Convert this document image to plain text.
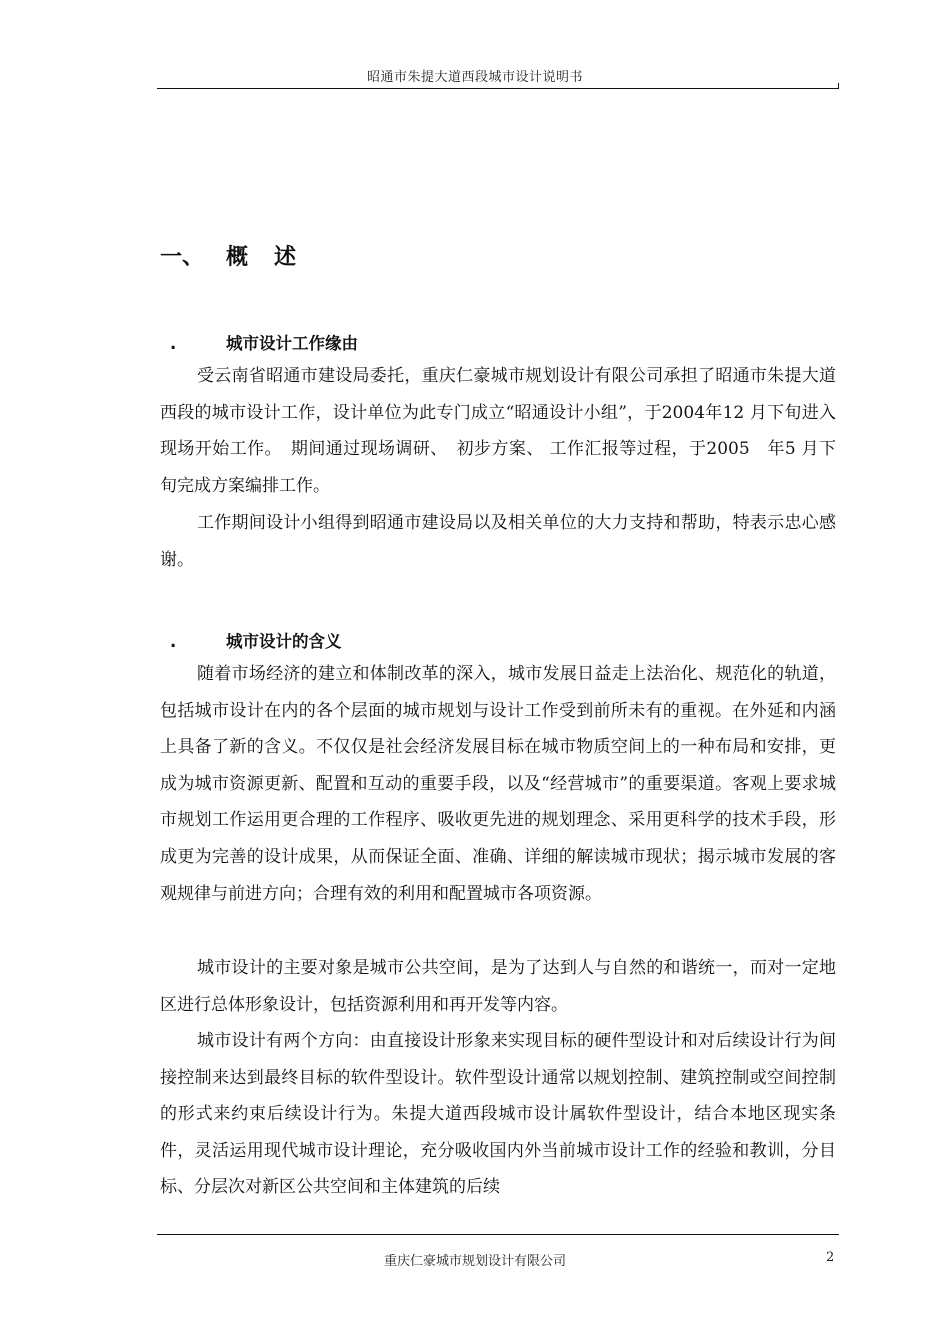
昭通市朱提大道西段城市设计说明书
一、 概述
.	城市设计工作缘由

受云南省昭通市建设局委托，重庆仁豪城市规划设计有限公司承担了昭通市朱提大道西段的城市设计工作，设计单位为此专门成立“昭通设计小组”，于2004年12 月下旬进入现场开始工作。　期间通过现场调研、　初步方案、 工作汇报等过程，于2005　年5 月下旬完成方案编排工作。

工作期间设计小组得到昭通市建设局以及相关单位的大力支持和帮助，特表示忠心感谢。

.	城市设计的含义

随着市场经济的建立和体制改革的深入，城市发展日益走上法治化、规范化的轨道，包括城市设计在内的各个层面的城市规划与设计工作受到前所未有的重视。在外延和内涵上具备了新的含义。不仅仅是社会经济发展目标在城市物质空间上的一种布局和安排，更成为城市资源更新、配置和互动的重要手段，以及“经营城市”的重要渠道。客观上要求城市规划工作运用更合理的工作程序、吸收更先进的规划理念、采用更科学的技术手段，形成更为完善的设计成果，从而保证全面、准确、详细的解读城市现状；揭示城市发展的客观规律与前进方向；合理有效的利用和配置城市各项资源。

城市设计的主要对象是城市公共空间，是为了达到人与自然的和谐统一，而对一定地区进行总体形象设计，包括资源利用和再开发等内容。

城市设计有两个方向：由直接设计形象来实现目标的硬件型设计和对后续设计行为间接控制来达到最终目标的软件型设计。软件型设计通常以规划控制、建筑控制或空间控制的形式来约束后续设计行为。朱提大道西段城市设计属软件型设计，结合本地区现实条件，灵活运用现代城市设计理论，充分吸收国内外当前城市设计工作的经验和教训，分目标、分层次对新区公共空间和主体建筑的后续

重庆仁豪城市规划设计有限公司	2
